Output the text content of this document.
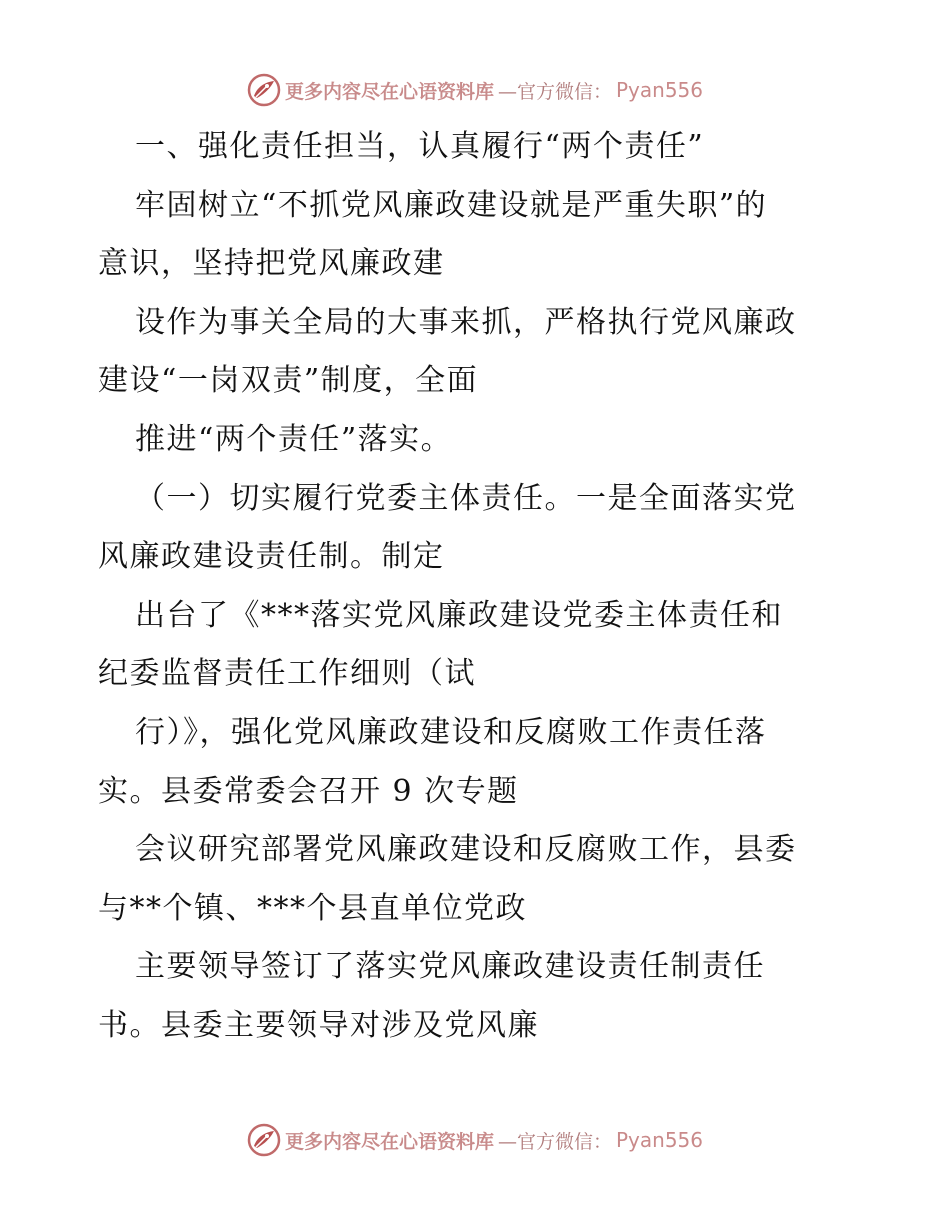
更多内容尽在心语资料库 —官方微信： Pyan556
一、强化责任担当，认真履行“两个责任”
牢固树立“不抓党风廉政建设就是严重失职”的
意识，坚持把党风廉政建
设作为事关全局的大事来抓，严格执行党风廉政
建设“一岗双责”制度，全面
推进“两个责任”落实。
（一）切实履行党委主体责任。一是全面落实党
风廉政建设责任制。制定
出台了《***落实党风廉政建设党委主体责任和
纪委监督责任工作细则（试
行）》，强化党风廉政建设和反腐败工作责任落
实。县委常委会召开 9 次专题
会议研究部署党风廉政建设和反腐败工作，县委
与**个镇、***个县直单位党政
主要领导签订了落实党风廉政建设责任制责任
书。县委主要领导对涉及党风廉
更多内容尽在心语资料库 —官方微信： Pyan556
